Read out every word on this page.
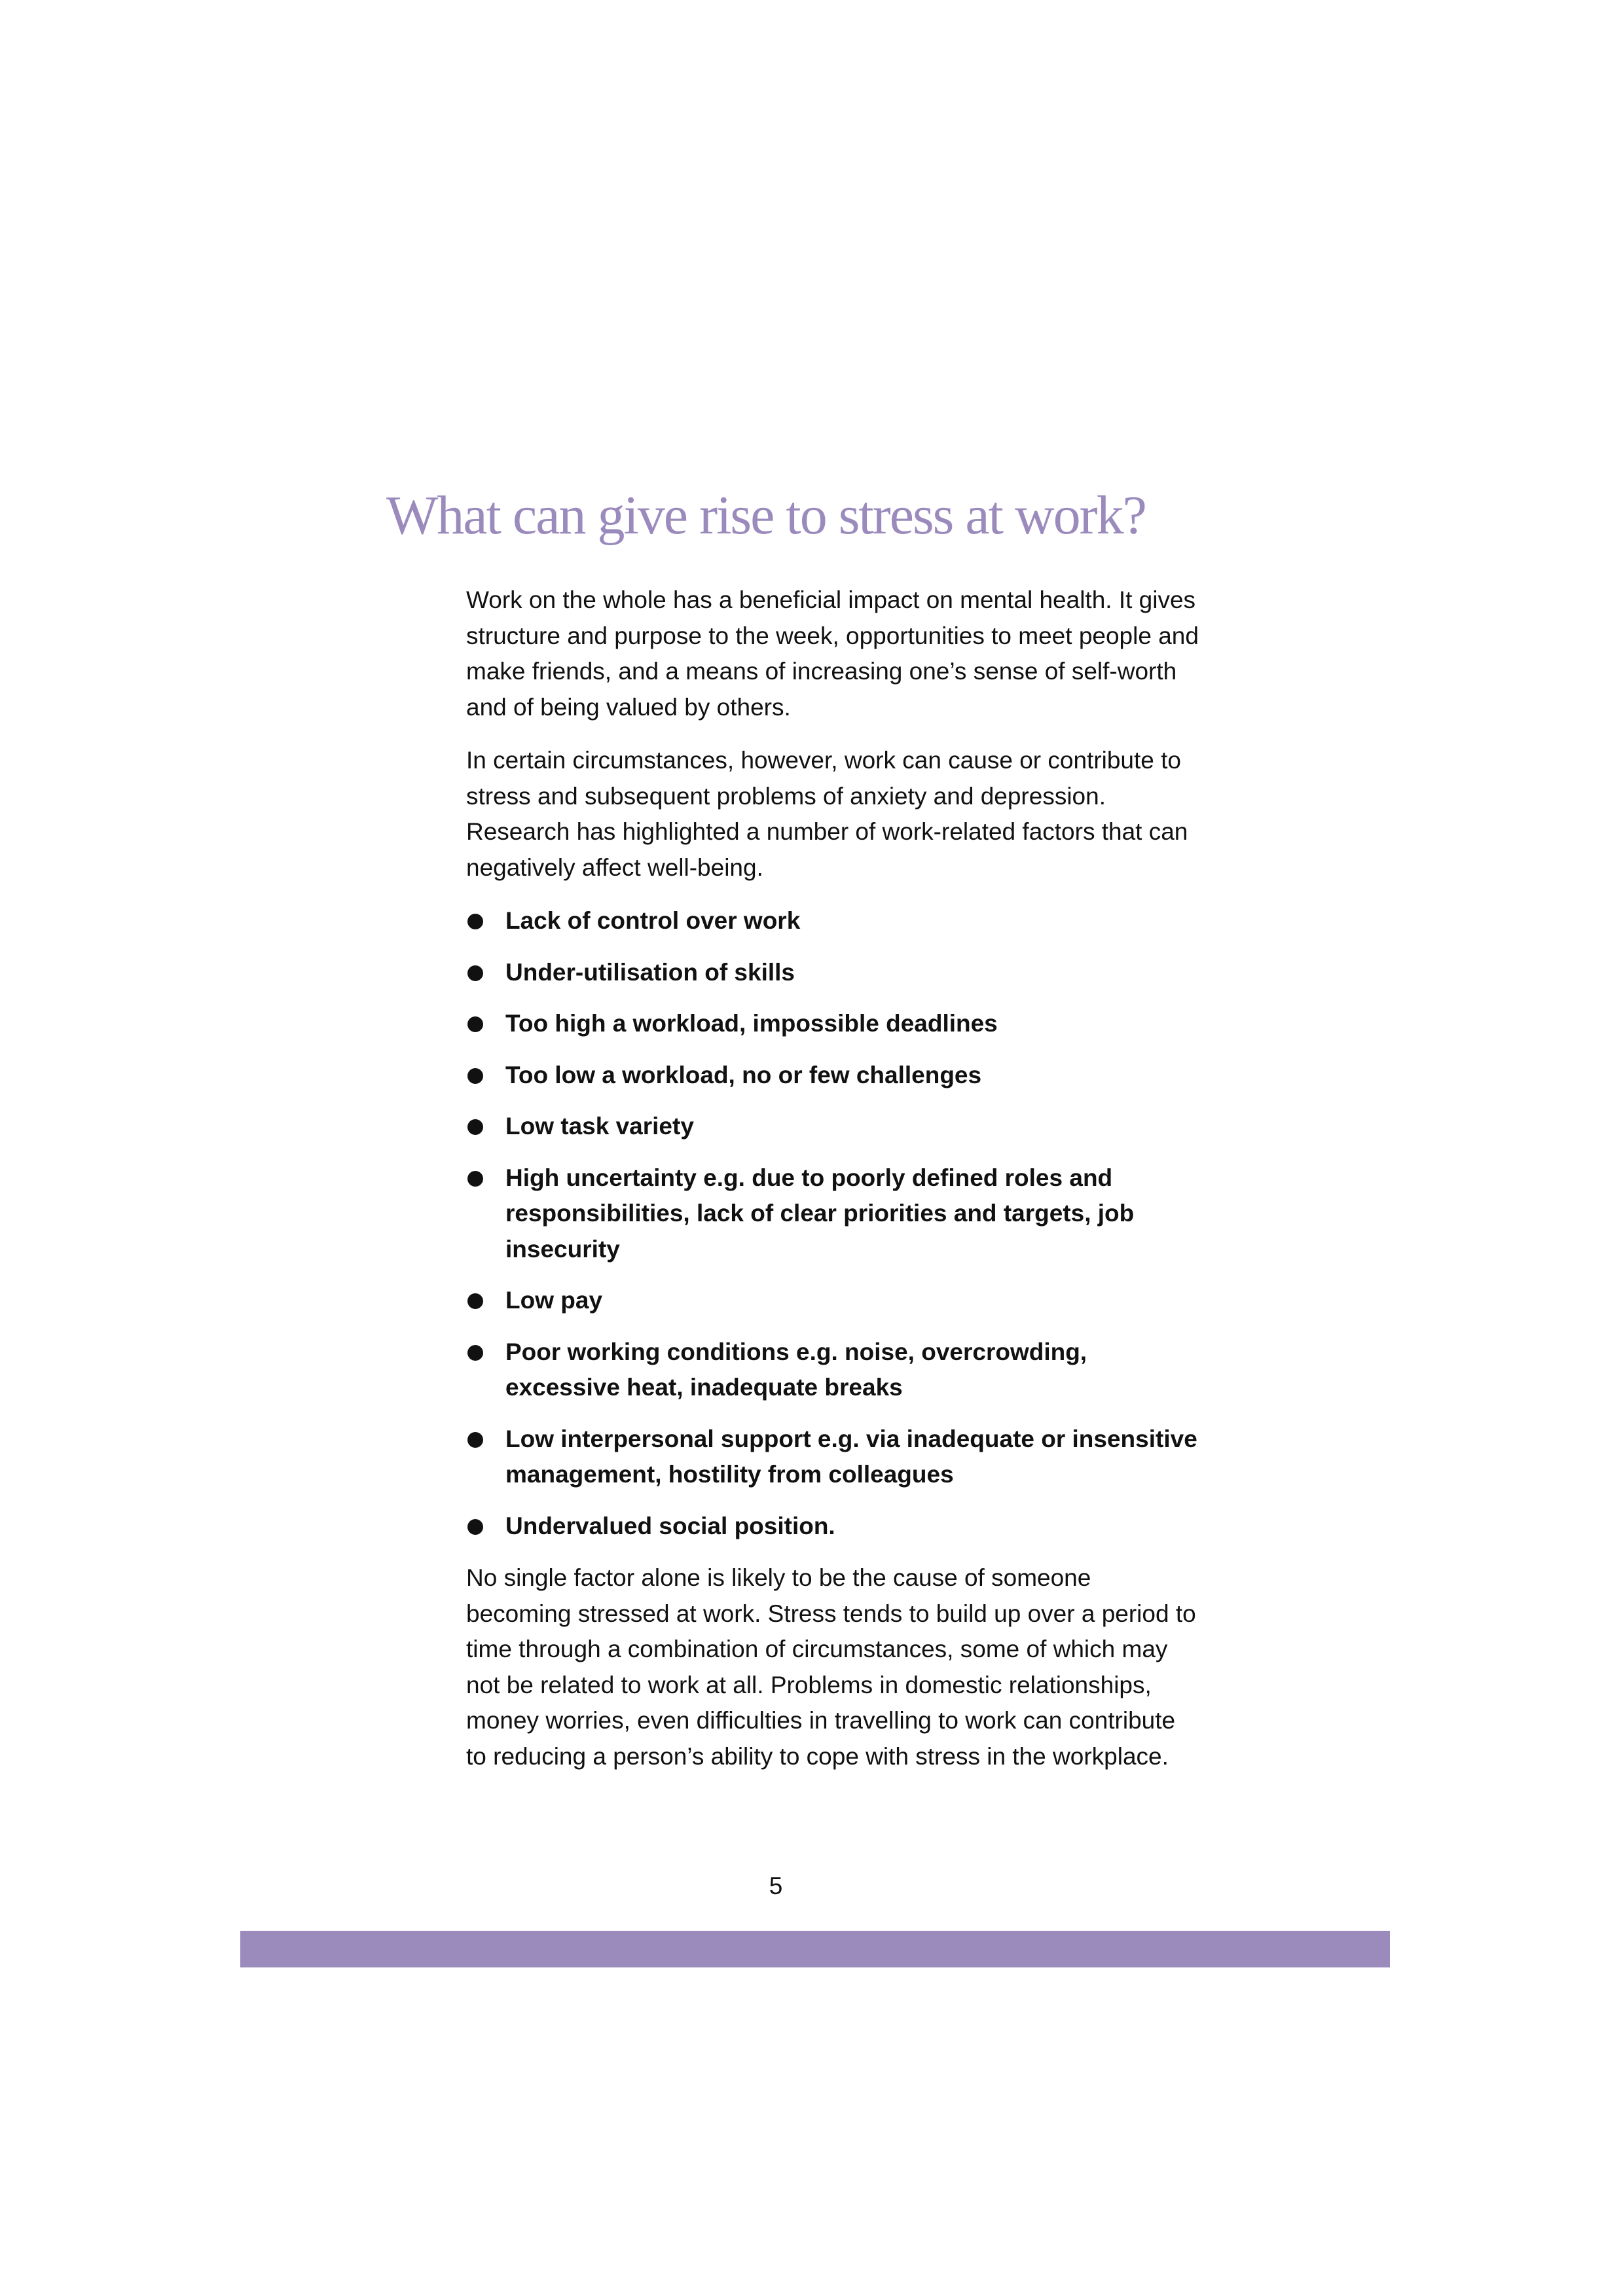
What can give rise to stress at work?

Work on the whole has a beneficial impact on mental health. It gives structure and purpose to the week, opportunities to meet people and make friends, and a means of increasing one’s sense of self-worth and of being valued by others.

In certain circumstances, however, work can cause or contribute to stress and subsequent problems of anxiety and depression. Research has highlighted a number of work-related factors that can negatively affect well-being.

Lack of control over work
Under-utilisation of skills
Too high a workload, impossible deadlines
Too low a workload, no or few challenges
Low task variety
High uncertainty e.g. due to poorly defined roles and responsibilities, lack of clear priorities and targets, job insecurity
Low pay
Poor working conditions e.g. noise, overcrowding, excessive heat, inadequate breaks
Low interpersonal support e.g. via inadequate or insensitive management, hostility from colleagues
Undervalued social position.

No single factor alone is likely to be the cause of someone becoming stressed at work. Stress tends to build up over a period to time through a combination of circumstances, some of which may not be related to work at all. Problems in domestic relationships, money worries, even difficulties in travelling to work can contribute to reducing a person’s ability to cope with stress in the workplace.

5
